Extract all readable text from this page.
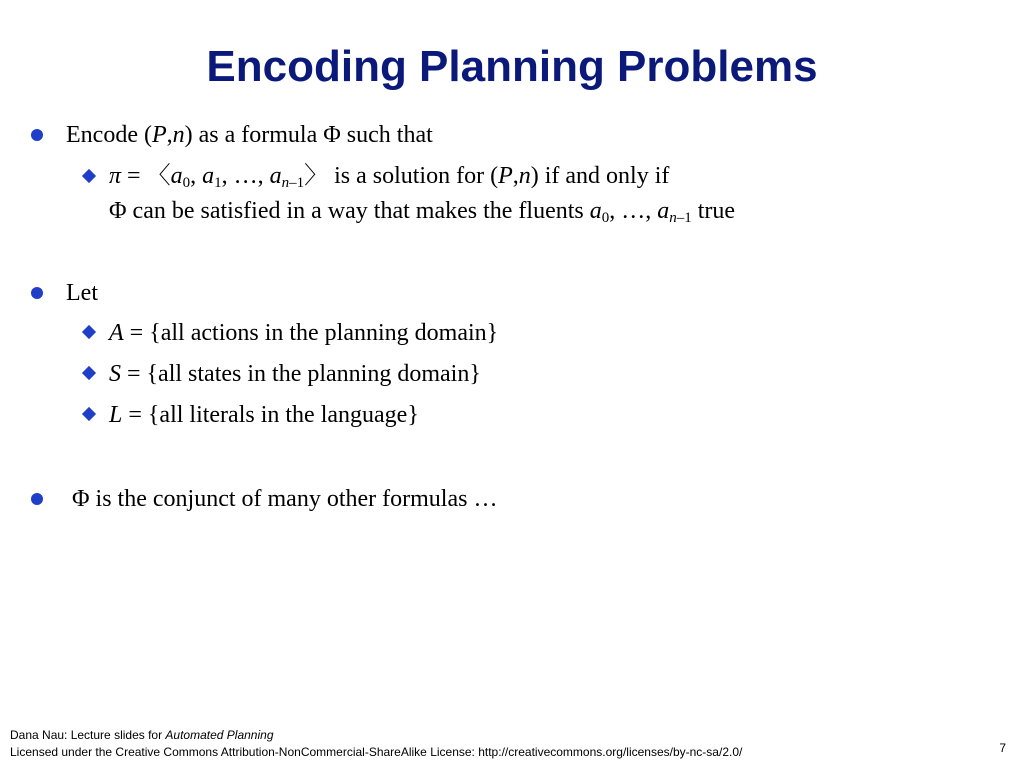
Encoding Planning Problems
Encode (P,n) as a formula Φ such that
π = 〈$a_0$, $a_1$, …, $a_{n-1}$〉 is a solution for (P,n) if and only if
Φ can be satisfied in a way that makes the fluents $a_0$, …, $a_{n-1}$ true
Let
A = {all actions in the planning domain}
S = {all states in the planning domain}
L = {all literals in the language}
Φ is the conjunct of many other formulas …
Dana Nau: Lecture slides for Automated Planning
Licensed under the Creative Commons Attribution-NonCommercial-ShareAlike License: http://creativecommons.org/licenses/by-nc-sa/2.0/	7
